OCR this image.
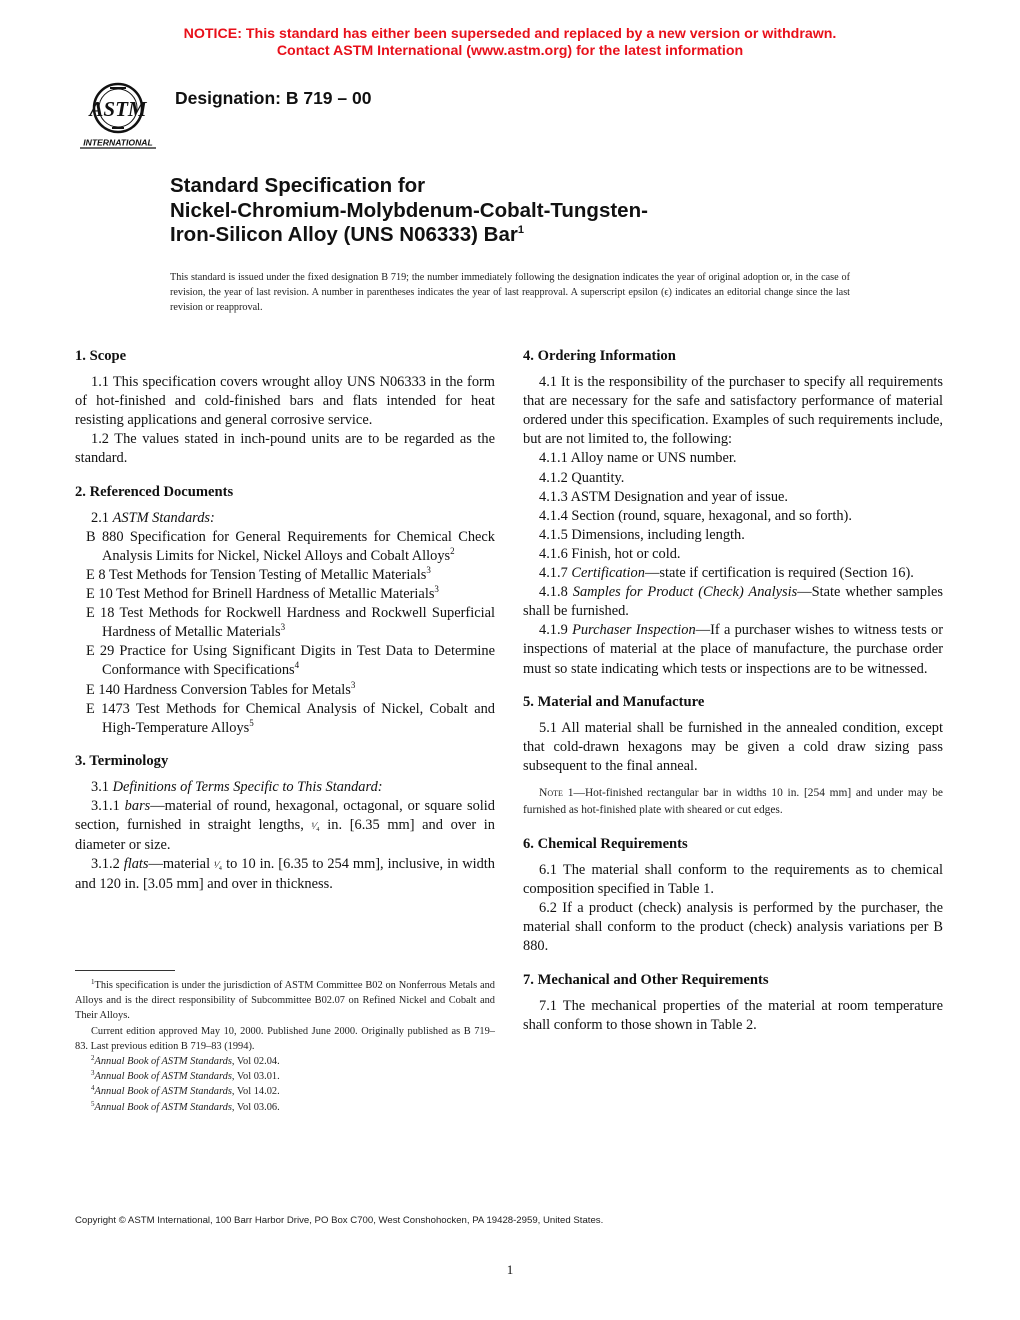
NOTICE: This standard has either been superseded and replaced by a new version or withdrawn.
Contact ASTM International (www.astm.org) for the latest information
ASTM
INTERNATIONAL
Designation: B 719 – 00
Standard Specification for
Nickel-Chromium-Molybdenum-Cobalt-Tungsten-
Iron-Silicon Alloy (UNS N06333) Bar$^1$
This standard is issued under the fixed designation B 719; the number immediately following the designation indicates the year of original adoption or, in the case of revision, the year of last revision. A number in parentheses indicates the year of last reapproval. A superscript epsilon (ϵ) indicates an editorial change since the last revision or reapproval.
1. Scope

1.1 This specification covers wrought alloy UNS N06333 in the form of hot-finished and cold-finished bars and flats intended for heat resisting applications and general corrosive service.

1.2 The values stated in inch-pound units are to be regarded as the standard.

2. Referenced Documents

2.1 ASTM Standards:

B 880 Specification for General Requirements for Chemical Check Analysis Limits for Nickel, Nickel Alloys and Cobalt Alloys$^2$

E 8 Test Methods for Tension Testing of Metallic Materials$^3$

E 10 Test Method for Brinell Hardness of Metallic Materials$^3$

E 18 Test Methods for Rockwell Hardness and Rockwell Superficial Hardness of Metallic Materials$^3$

E 29 Practice for Using Significant Digits in Test Data to Determine Conformance with Specifications$^4$

E 140 Hardness Conversion Tables for Metals$^3$

E 1473 Test Methods for Chemical Analysis of Nickel, Cobalt and High-Temperature Alloys$^5$

3. Terminology

3.1 Definitions of Terms Specific to This Standard:

3.1.1 bars—material of round, hexagonal, octagonal, or square solid section, furnished in straight lengths, ¹⁄₄ in. [6.35 mm] and over in diameter or size.

3.1.2 flats—material ¹⁄₄ to 10 in. [6.35 to 254 mm], inclusive, in width and 120 in. [3.05 mm] and over in thickness.

4. Ordering Information

4.1 It is the responsibility of the purchaser to specify all requirements that are necessary for the safe and satisfactory performance of material ordered under this specification. Examples of such requirements include, but are not limited to, the following:

4.1.1 Alloy name or UNS number.

4.1.2 Quantity.

4.1.3 ASTM Designation and year of issue.

4.1.4 Section (round, square, hexagonal, and so forth).

4.1.5 Dimensions, including length.

4.1.6 Finish, hot or cold.

4.1.7 Certification—state if certification is required (Section 16).

4.1.8 Samples for Product (Check) Analysis—State whether samples shall be furnished.

4.1.9 Purchaser Inspection—If a purchaser wishes to witness tests or inspections of material at the place of manufacture, the purchase order must so state indicating which tests or inspections are to be witnessed.

5. Material and Manufacture

5.1 All material shall be furnished in the annealed condition, except that cold-drawn hexagons may be given a cold draw sizing pass subsequent to the final anneal.

Note 1—Hot-finished rectangular bar in widths 10 in. [254 mm] and under may be furnished as hot-finished plate with sheared or cut edges.

6. Chemical Requirements

6.1 The material shall conform to the requirements as to chemical composition specified in Table 1.

6.2 If a product (check) analysis is performed by the purchaser, the material shall conform to the product (check) analysis variations per B 880.

7. Mechanical and Other Requirements

7.1 The mechanical properties of the material at room temperature shall conform to those shown in Table 2.

$^1$This specification is under the jurisdiction of ASTM Committee B02 on Nonferrous Metals and Alloys and is the direct responsibility of Subcommittee B02.07 on Refined Nickel and Cobalt and Their Alloys.

Current edition approved May 10, 2000. Published June 2000. Originally published as B 719–83. Last previous edition B 719–83 (1994).

$^2$Annual Book of ASTM Standards, Vol 02.04.

$^3$Annual Book of ASTM Standards, Vol 03.01.

$^4$Annual Book of ASTM Standards, Vol 14.02.

$^5$Annual Book of ASTM Standards, Vol 03.06.

Copyright © ASTM International, 100 Barr Harbor Drive, PO Box C700, West Conshohocken, PA 19428-2959, United States.
1
